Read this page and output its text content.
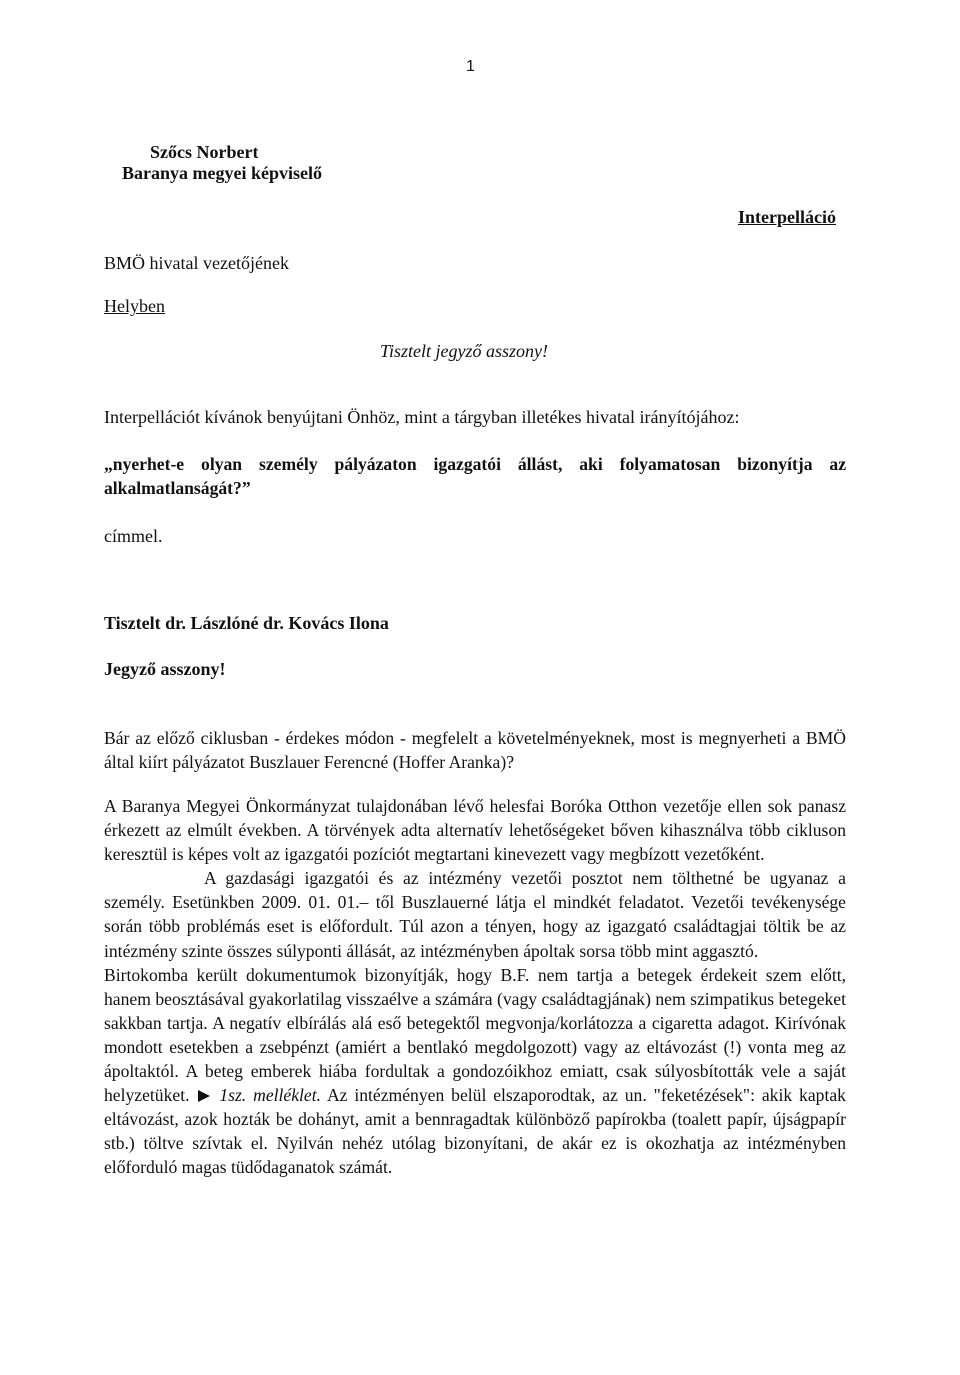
1
Szőcs Norbert
Baranya megyei képviselő
Interpelláció
BMÖ hivatal vezetőjének
Helyben
Tisztelt jegyző asszony!
Interpellációt kívánok benyújtani Önhöz, mint a tárgyban illetékes hivatal irányítójához:
„nyerhet-e olyan személy pályázaton igazgatói állást, aki folyamatosan bizonyítja az alkalmatlanságát?”
címmel.
Tisztelt dr. Lászlóné dr. Kovács Ilona
Jegyző asszony!

Bár az előző ciklusban - érdekes módon - megfelelt a követelményeknek, most is megnyerheti a BMÖ által kiírt pályázatot Buszlauer Ferencné (Hoffer Aranka)?

A Baranya Megyei Önkormányzat tulajdonában lévő helesfai Boróka Otthon vezetője ellen sok panasz érkezett az elmúlt években. A törvények adta alternatív lehetőségeket bőven kihasználva több cikluson keresztül is képes volt az igazgatói pozíciót megtartani kinevezett vagy megbízott vezetőként.

A gazdasági igazgatói és az intézmény vezetői posztot nem tölthetné be ugyanaz a személy. Esetünkben 2009. 01. 01.– től Buszlauerné látja el mindkét feladatot. Vezetői tevékenysége során több problémás eset is előfordult. Túl azon a tényen, hogy az igazgató családtagjai töltik be az intézmény szinte összes súlyponti állását, az intézményben ápoltak sorsa több mint aggasztó.

Birtokomba került dokumentumok bizonyítják, hogy B.F. nem tartja a betegek érdekeit szem előtt, hanem beosztásával gyakorlatilag visszaélve a számára (vagy családtagjának) nem szimpatikus betegeket sakkban tartja. A negatív elbírálás alá eső betegektől megvonja/korlátozza a cigaretta adagot. Kirívónak mondott esetekben a zsebpénzt (amiért a bentlakó megdolgozott) vagy az eltávozást (!) vonta meg az ápoltaktól. A beteg emberek hiába fordultak a gondozóikhoz emiatt, csak súlyosbították vele a saját helyzetüket. 1sz. melléklet. Az intézményen belül elszaporodtak, az un. "feketézések": akik kaptak eltávozást, azok hozták be dohányt, amit a bennragadtak különböző papírokba (toalett papír, újságpapír stb.) töltve szívtak el. Nyilván nehéz utólag bizonyítani, de akár ez is okozhatja az intézményben előforduló magas tüdődaganatok számát.
